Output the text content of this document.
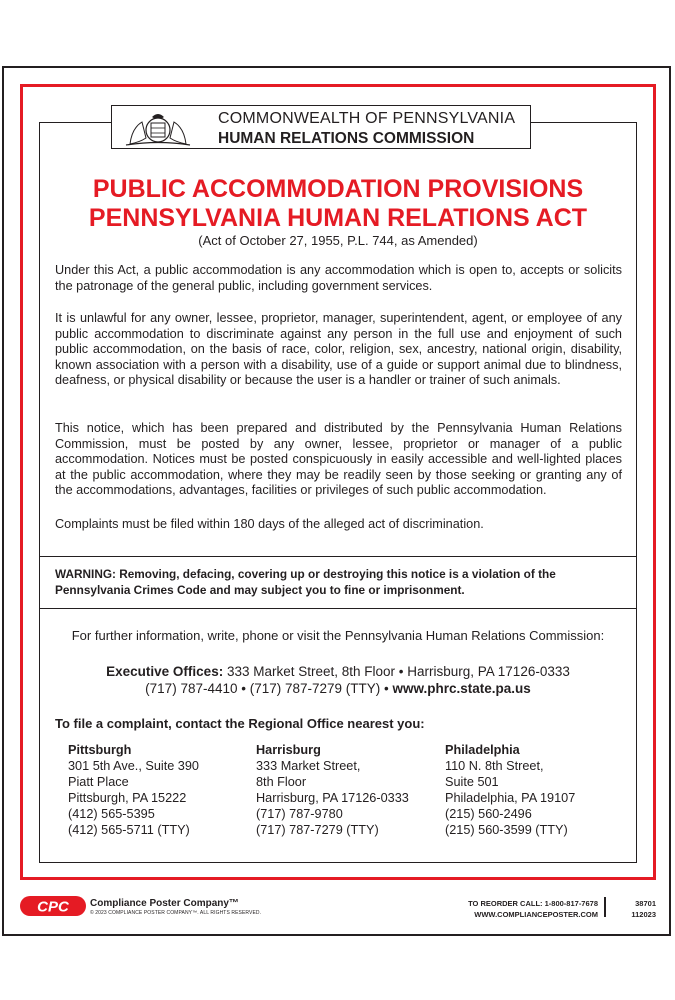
COMMONWEALTH OF PENNSYLVANIA
HUMAN RELATIONS COMMISSION
PUBLIC ACCOMMODATION PROVISIONS
PENNSYLVANIA HUMAN RELATIONS ACT
(Act of October 27, 1955, P.L. 744, as Amended)
Under this Act, a public accommodation is any accommodation which is open to, accepts or solicits the patronage of the general public, including government services.
It is unlawful for any owner, lessee, proprietor, manager, superintendent, agent, or employee of any public accommodation to discriminate against any person in the full use and enjoyment of such public accommodation, on the basis of race, color, religion, sex, ancestry, national origin, disability, known association with a person with a disability, use of a guide or support animal due to blindness, deafness, or physical disability or because the user is a handler or trainer of such animals.
This notice, which has been prepared and distributed by the Pennsylvania Human Relations Commission, must be posted by any owner, lessee, proprietor or manager of a public accommodation. Notices must be posted conspicuously in easily accessible and well-lighted places at the public accommodation, where they may be readily seen by those seeking or granting any of the accommodations, advantages, facilities or privileges of such public accommodation.
Complaints must be filed within 180 days of the alleged act of discrimination.
WARNING: Removing, defacing, covering up or destroying this notice is a violation of the Pennsylvania Crimes Code and may subject you to fine or imprisonment.
For further information, write, phone or visit the Pennsylvania Human Relations Commission:
Executive Offices: 333 Market Street, 8th Floor • Harrisburg, PA 17126-0333
(717) 787-4410 • (717) 787-7279 (TTY) • www.phrc.state.pa.us
To file a complaint, contact the Regional Office nearest you:
Pittsburgh
301 5th Ave., Suite 390
Piatt Place
Pittsburgh, PA 15222
(412) 565-5395
(412) 565-5711 (TTY)
Harrisburg
333 Market Street,
8th Floor
Harrisburg, PA 17126-0333
(717) 787-9780
(717) 787-7279 (TTY)
Philadelphia
110 N. 8th Street,
Suite 501
Philadelphia, PA 19107
(215) 560-2496
(215) 560-3599 (TTY)
CPC Compliance Poster Company™
© 2023 COMPLIANCE POSTER COMPANY™. ALL RIGHTS RESERVED.
TO REORDER CALL: 1-800-817-7678
WWW.COMPLIANCEPOSTER.COM
38701
112023
